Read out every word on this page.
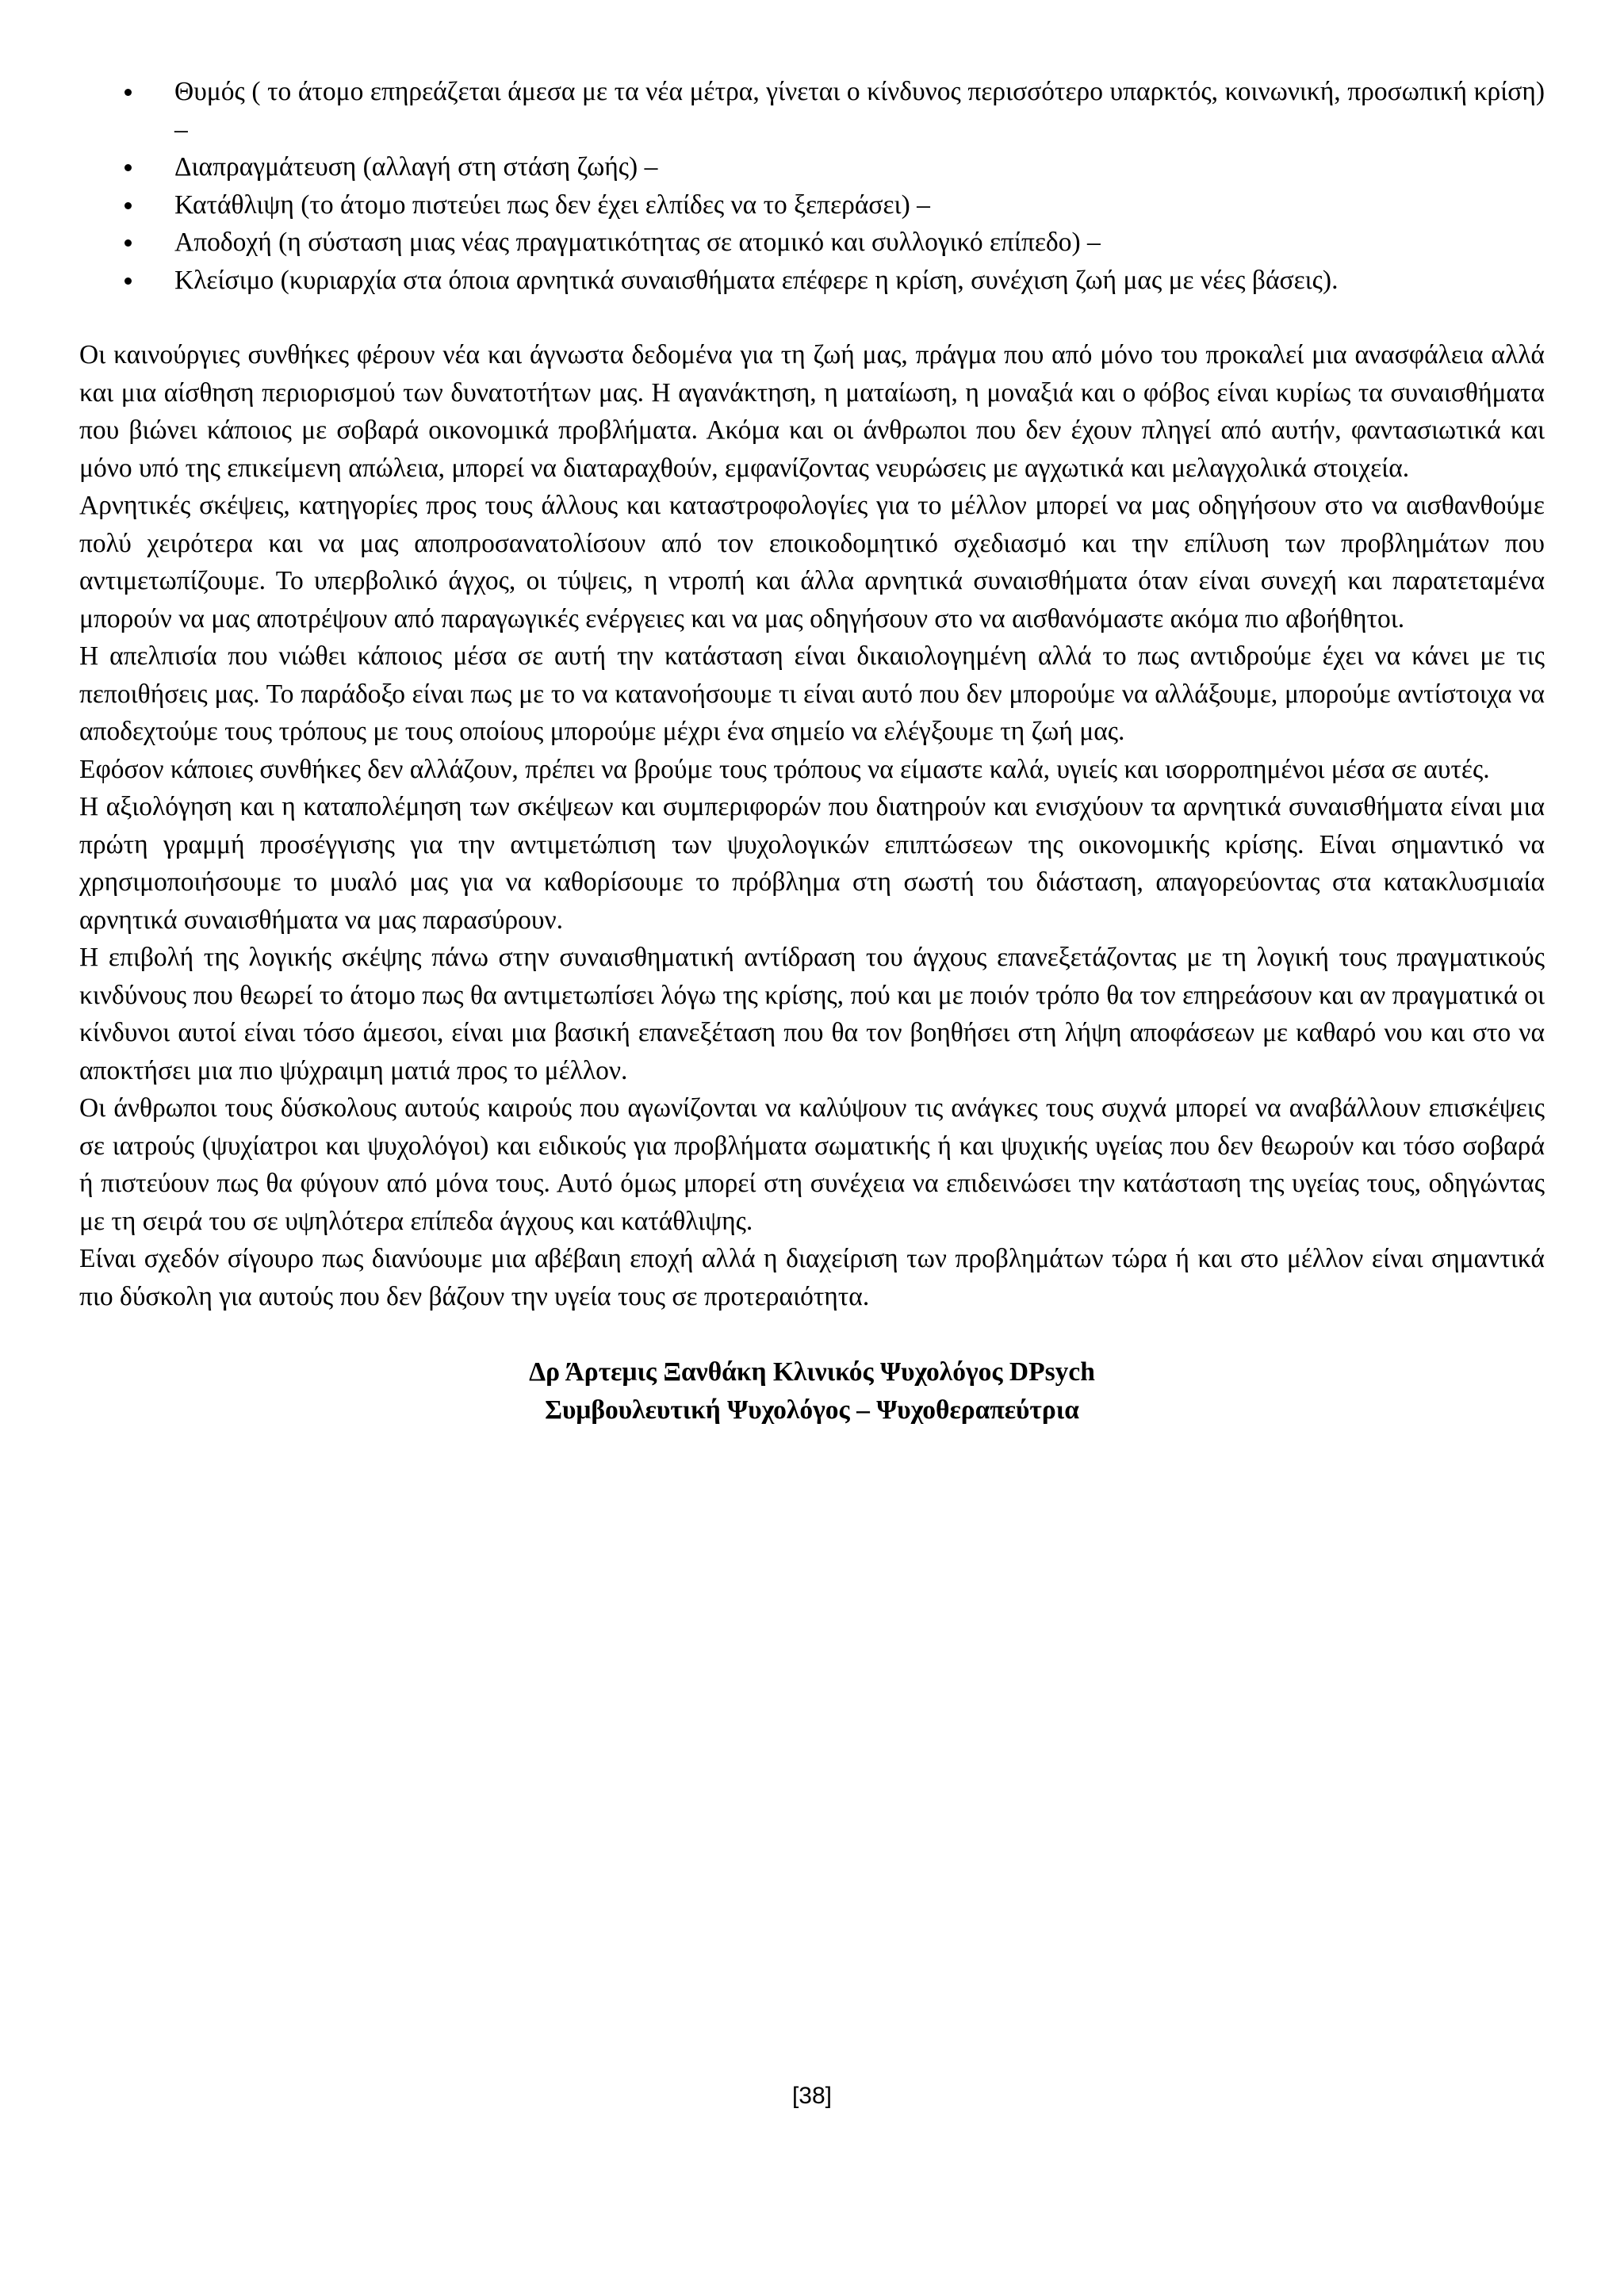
Θυμός ( το άτομο επηρεάζεται άμεσα με τα νέα μέτρα, γίνεται ο κίνδυνος περισσότερο υπαρκτός, κοινωνική, προσωπική κρίση) –
Διαπραγμάτευση (αλλαγή στη στάση ζωής) –
Κατάθλιψη (το άτομο πιστεύει πως δεν έχει ελπίδες να το ξεπεράσει) –
Αποδοχή (η σύσταση μιας νέας πραγματικότητας σε ατομικό και συλλογικό επίπεδο) –
Κλείσιμο (κυριαρχία στα όποια αρνητικά συναισθήματα επέφερε η κρίση, συνέχιση ζωή μας με νέες βάσεις).

Οι καινούργιες συνθήκες φέρουν νέα και άγνωστα δεδομένα για τη ζωή μας, πράγμα που από μόνο του προκαλεί μια ανασφάλεια αλλά και μια αίσθηση περιορισμού των δυνατοτήτων μας. Η αγανάκτηση, η ματαίωση, η μοναξιά και ο φόβος είναι κυρίως τα συναισθήματα που βιώνει κάποιος με σοβαρά οικονομικά προβλήματα. Ακόμα και οι άνθρωποι που δεν έχουν πληγεί από αυτήν, φαντασιωτικά και μόνο υπό της επικείμενη απώλεια, μπορεί να διαταραχθούν, εμφανίζοντας νευρώσεις με αγχωτικά και μελαγχολικά στοιχεία.

Αρνητικές σκέψεις, κατηγορίες προς τους άλλους και καταστροφολογίες για το μέλλον μπορεί να μας οδηγήσουν στο να αισθανθούμε πολύ χειρότερα και να μας αποπροσανατολίσουν από τον εποικοδομητικό σχεδιασμό και την επίλυση των προβλημάτων που αντιμετωπίζουμε. Το υπερβολικό άγχος, οι τύψεις, η ντροπή και άλλα αρνητικά συναισθήματα όταν είναι συνεχή και παρατεταμένα μπορούν να μας αποτρέψουν από παραγωγικές ενέργειες και να μας οδηγήσουν στο να αισθανόμαστε ακόμα πιο αβοήθητοι.

Η απελπισία που νιώθει κάποιος μέσα σε αυτή την κατάσταση είναι δικαιολογημένη αλλά το πως αντιδρούμε έχει να κάνει με τις πεποιθήσεις μας. Το παράδοξο είναι πως με το να κατανοήσουμε τι είναι αυτό που δεν μπορούμε να αλλάξουμε, μπορούμε αντίστοιχα να αποδεχτούμε τους τρόπους με τους οποίους μπορούμε μέχρι ένα σημείο να ελέγξουμε τη ζωή μας.

Εφόσον κάποιες συνθήκες δεν αλλάζουν, πρέπει να βρούμε τους τρόπους να είμαστε καλά, υγιείς και ισορροπημένοι μέσα σε αυτές.

Η αξιολόγηση και η καταπολέμηση των σκέψεων και συμπεριφορών που διατηρούν και ενισχύουν τα αρνητικά συναισθήματα είναι μια πρώτη γραμμή προσέγγισης για την αντιμετώπιση των ψυχολογικών επιπτώσεων της οικονομικής κρίσης. Είναι σημαντικό να χρησιμοποιήσουμε το μυαλό μας για να καθορίσουμε το πρόβλημα στη σωστή του διάσταση, απαγορεύοντας στα κατακλυσμιαία αρνητικά συναισθήματα να μας παρασύρουν.

Η επιβολή της λογικής σκέψης πάνω στην συναισθηματική αντίδραση του άγχους επανεξετάζοντας με τη λογική τους πραγματικούς κινδύνους που θεωρεί το άτομο πως θα αντιμετωπίσει λόγω της κρίσης, πού και με ποιόν τρόπο θα τον επηρεάσουν και αν πραγματικά οι κίνδυνοι αυτοί είναι τόσο άμεσοι, είναι μια βασική επανεξέταση που θα τον βοηθήσει στη λήψη αποφάσεων με καθαρό νου και στο να αποκτήσει μια πιο ψύχραιμη ματιά προς το μέλλον.

Οι άνθρωποι τους δύσκολους αυτούς καιρούς που αγωνίζονται να καλύψουν τις ανάγκες τους συχνά μπορεί να αναβάλλουν επισκέψεις σε ιατρούς (ψυχίατροι και ψυχολόγοι) και ειδικούς για προβλήματα σωματικής ή και ψυχικής υγείας που δεν θεωρούν και τόσο σοβαρά ή πιστεύουν πως θα φύγουν από μόνα τους. Αυτό όμως μπορεί στη συνέχεια να επιδεινώσει την κατάσταση της υγείας τους, οδηγώντας με τη σειρά του σε υψηλότερα επίπεδα άγχους και κατάθλιψης.

Είναι σχεδόν σίγουρο πως διανύουμε μια αβέβαιη εποχή αλλά η διαχείριση των προβλημάτων τώρα ή και στο μέλλον είναι σημαντικά πιο δύσκολη για αυτούς που δεν βάζουν την υγεία τους σε προτεραιότητα.

Δρ Άρτεμις Ξανθάκη Κλινικός Ψυχολόγος DPsych
Συμβουλευτική Ψυχολόγος – Ψυχοθεραπεύτρια
[38]
